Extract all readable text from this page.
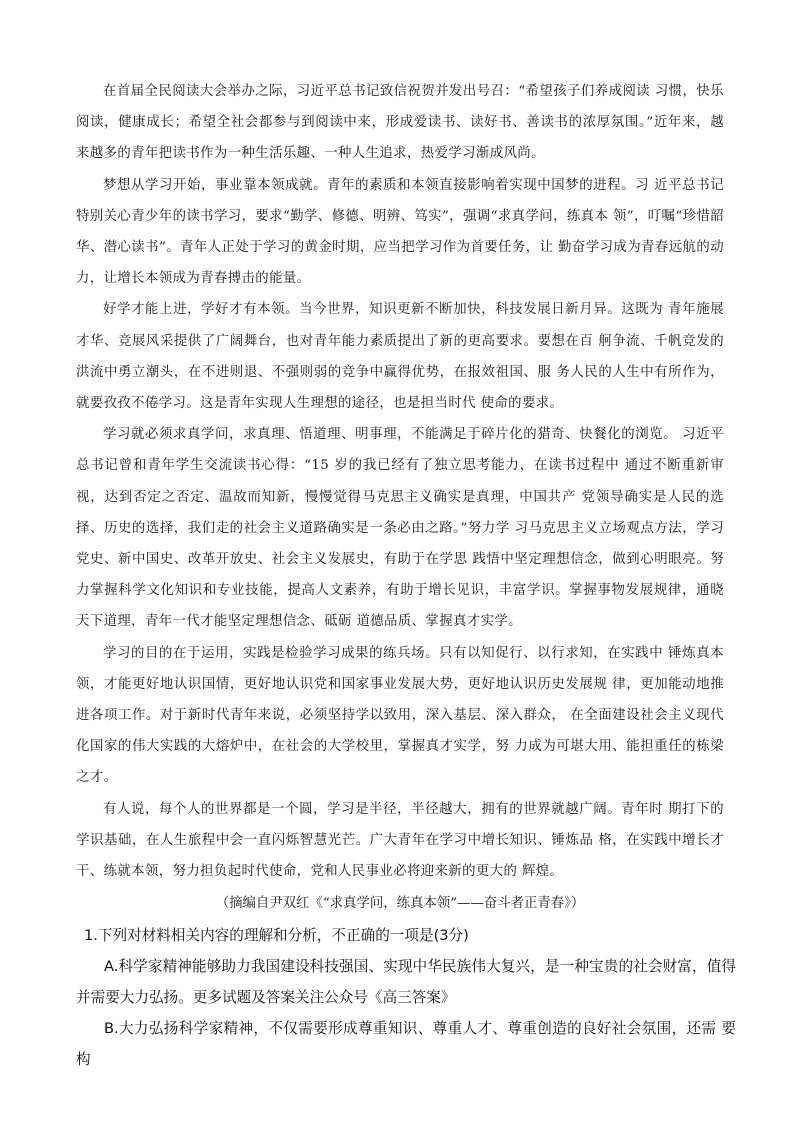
在首届全民阅读大会举办之际，习近平总书记致信祝贺并发出号召：“希望孩子们养成阅读 习惯，快乐阅读，健康成长；希望全社会都参与到阅读中来，形成爱读书、读好书、善读书的浓厚氛围。”近年来，越来越多的青年把读书作为一种生活乐趣、一种人生追求，热爱学习渐成风尚。

梦想从学习开始，事业靠本领成就。青年的素质和本领直接影响着实现中国梦的进程。习 近平总书记特别关心青少年的读书学习，要求“勤学、修德、明辨、笃实”，强调“求真学问，练真本 领”，叮嘱“珍惜韶华、潜心读书”。青年人正处于学习的黄金时期，应当把学习作为首要任务，让 勤奋学习成为青春远航的动力，让增长本领成为青春搏击的能量。

好学才能上进，学好才有本领。当今世界，知识更新不断加快，科技发展日新月异。这既为 青年施展才华、竞展风采提供了广阔舞台，也对青年能力素质提出了新的更高要求。要想在百 舸争流、千帆竞发的洪流中勇立潮头，在不进则退、不强则弱的竞争中赢得优势，在报效祖国、服 务人民的人生中有所作为，就要孜孜不倦学习。这是青年实现人生理想的途径，也是担当时代 使命的要求。

学习就必须求真学问，求真理、悟道理、明事理，不能满足于碎片化的猎奇、快餐化的浏览。 习近平总书记曾和青年学生交流读书心得：“15 岁的我已经有了独立思考能力，在读书过程中 通过不断重新审视，达到否定之否定、温故而知新，慢慢觉得马克思主义确实是真理，中国共产 党领导确实是人民的选择、历史的选择，我们走的社会主义道路确实是一条必由之路。”努力学 习马克思主义立场观点方法，学习党史、新中国史、改革开放史、社会主义发展史，有助于在学思 践悟中坚定理想信念，做到心明眼亮。努力掌握科学文化知识和专业技能，提高人文素养，有助于增长见识，丰富学识。掌握事物发展规律，通晓天下道理，青年一代才能坚定理想信念、砥砺 道德品质、掌握真才实学。

学习的目的在于运用，实践是检验学习成果的练兵场。只有以知促行、以行求知，在实践中 锤炼真本领，才能更好地认识国情，更好地认识党和国家事业发展大势，更好地认识历史发展规 律，更加能动地推进各项工作。对于新时代青年来说，必须坚持学以致用，深入基层、深入群众， 在全面建设社会主义现代化国家的伟大实践的大熔炉中，在社会的大学校里，掌握真才实学，努 力成为可堪大用、能担重任的栋梁之才。

有人说，每个人的世界都是一个圆，学习是半径，半径越大，拥有的世界就越广阔。青年时 期打下的学识基础，在人生旅程中会一直闪烁智慧光芒。广大青年在学习中增长知识、锤炼品 格，在实践中增长才干、练就本领，努力担负起时代使命，党和人民事业必将迎来新的更大的 辉煌。

（摘编自尹双红《“求真学问，练真本领”——奋斗者正青春》）

1.下列对材料相关内容的理解和分析，不正确的一项是(3分)

A.科学家精神能够助力我国建设科技强国、实现中华民族伟大复兴，是一种宝贵的社会财富，值得并需要大力弘扬。更多试题及答案关注公众号《高三答案》

B.大力弘扬科学家精神，不仅需要形成尊重知识、尊重人才、尊重创造的良好社会氛围，还需 要构
